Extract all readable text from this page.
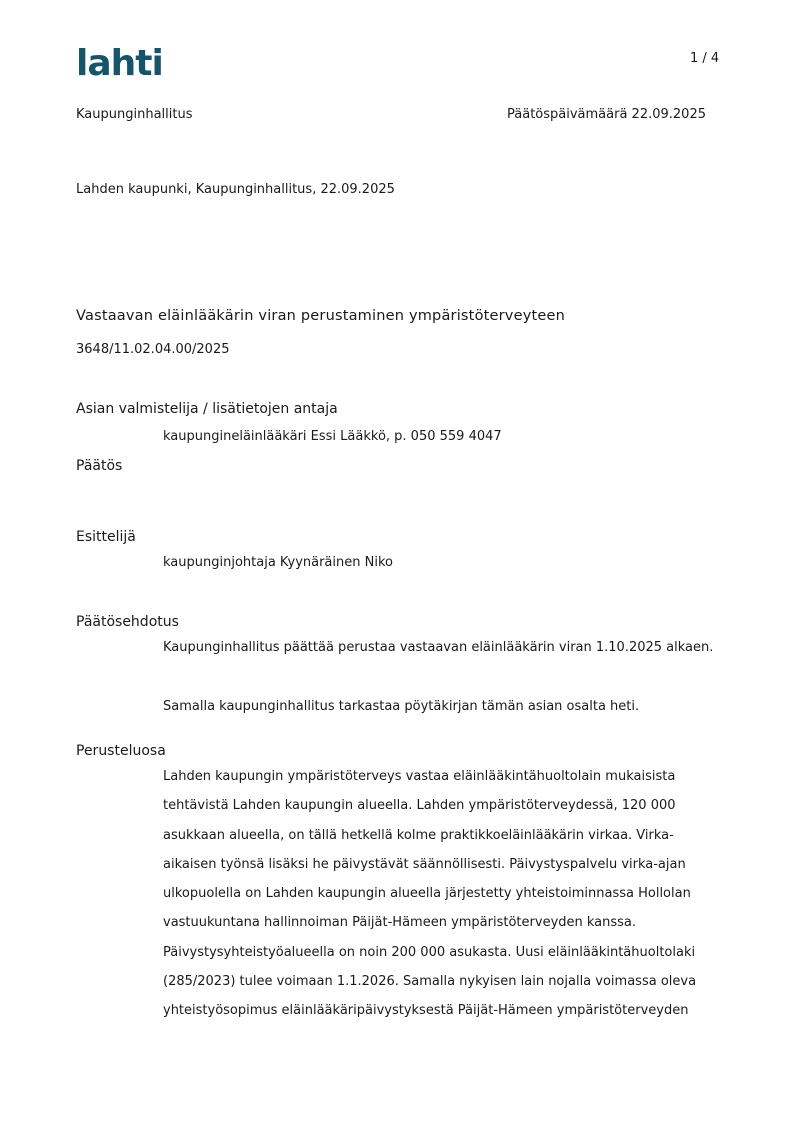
lahti	1 / 4
Kaupunginhallitus	Päätöspäivämäärä 22.09.2025
Lahden kaupunki, Kaupunginhallitus, 22.09.2025
Vastaavan eläinlääkärin viran perustaminen ympäristöterveyteen
3648/11.02.04.00/2025
Asian valmistelija / lisätietojen antaja
kaupungineläinlääkäri Essi Lääkkö, p. 050 559 4047
Päätös
Esittelijä
kaupunginjohtaja Kyynäräinen Niko
Päätösehdotus
Kaupunginhallitus päättää perustaa vastaavan eläinlääkärin viran 1.10.2025 alkaen.
Samalla kaupunginhallitus tarkastaa pöytäkirjan tämän asian osalta heti.
Perusteluosa
Lahden kaupungin ympäristöterveys vastaa eläinlääkintähuoltolain mukaisista
tehtävistä Lahden kaupungin alueella. Lahden ympäristöterveydessä, 120 000
asukkaan alueella, on tällä hetkellä kolme praktikkoeläinlääkärin virkaa. Virka-
aikaisen työnsä lisäksi he päivystävät säännöllisesti. Päivystyspalvelu virka-ajan
ulkopuolella on Lahden kaupungin alueella järjestetty yhteistoiminnassa Hollolan
vastuukuntana hallinnoiman Päijät-Hämeen ympäristöterveyden kanssa.
Päivystysyhteistyöalueella on noin 200 000 asukasta. Uusi eläinlääkintähuoltolaki
(285/2023) tulee voimaan 1.1.2026. Samalla nykyisen lain nojalla voimassa oleva
yhteistyösopimus eläinlääkäripäivystyksestä Päijät-Hämeen ympäristöterveyden
